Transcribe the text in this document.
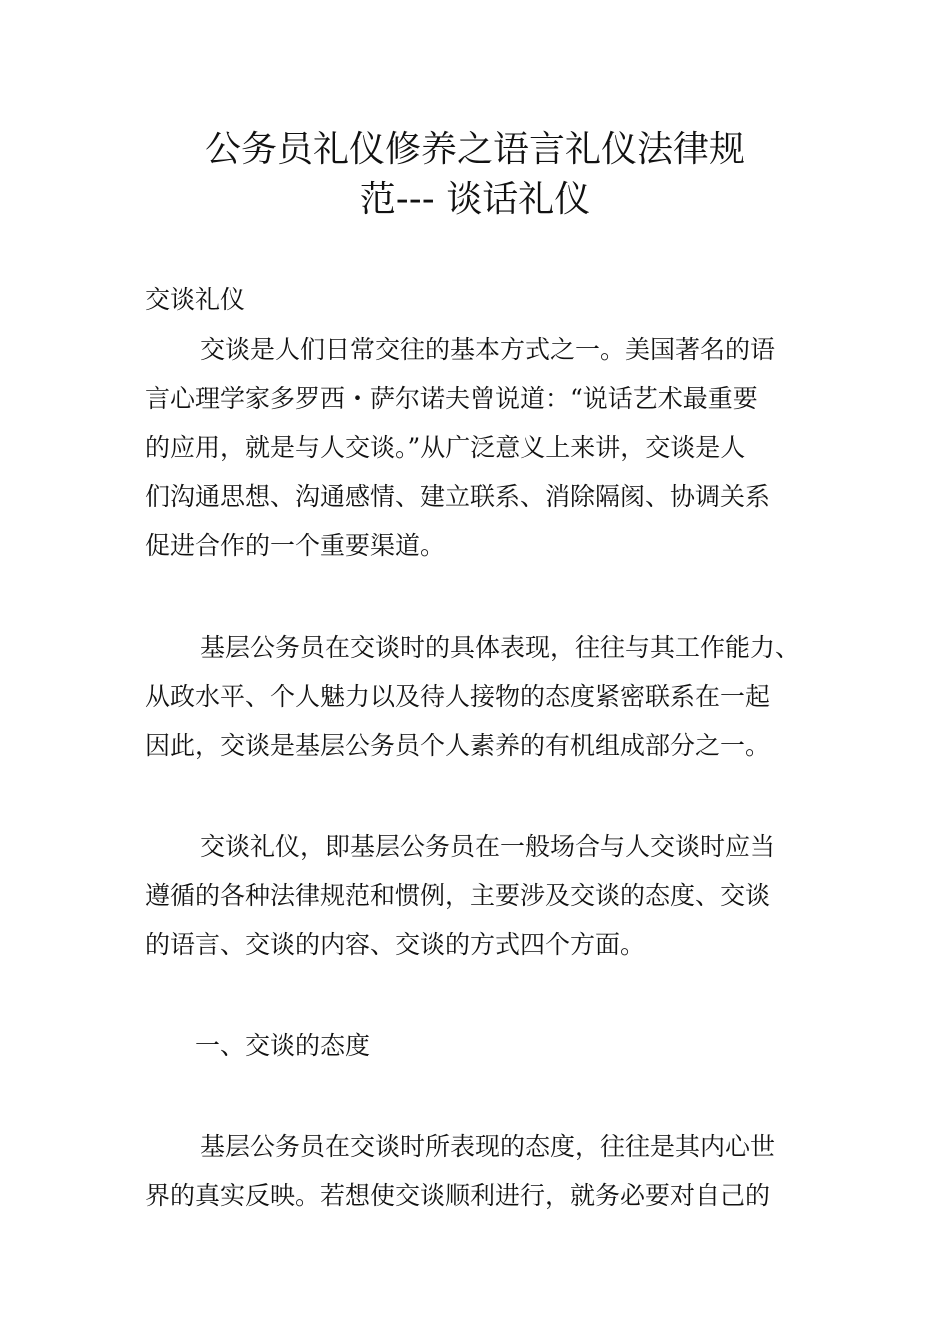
公务员礼仪修养之语言礼仪法律规
范--- 谈话礼仪

交谈礼仪

交谈是人们日常交往的基本方式之一。美国著名的语

言心理学家多罗西・萨尔诺夫曾说道：“说话艺术最重要

的应用，就是与人交谈。”从广泛意义上来讲，交谈是人

们沟通思想、沟通感情、建立联系、消除隔阂、协调关系

促进合作的一个重要渠道。

基层公务员在交谈时的具体表现，往往与其工作能力、

从政水平、个人魅力以及待人接物的态度紧密联系在一起

因此，交谈是基层公务员个人素养的有机组成部分之一。

交谈礼仪，即基层公务员在一般场合与人交谈时应当

遵循的各种法律规范和惯例，主要涉及交谈的态度、交谈

的语言、交谈的内容、交谈的方式四个方面。

一、交谈的态度

基层公务员在交谈时所表现的态度，往往是其内心世

界的真实反映。若想使交谈顺利进行，就务必要对自己的
